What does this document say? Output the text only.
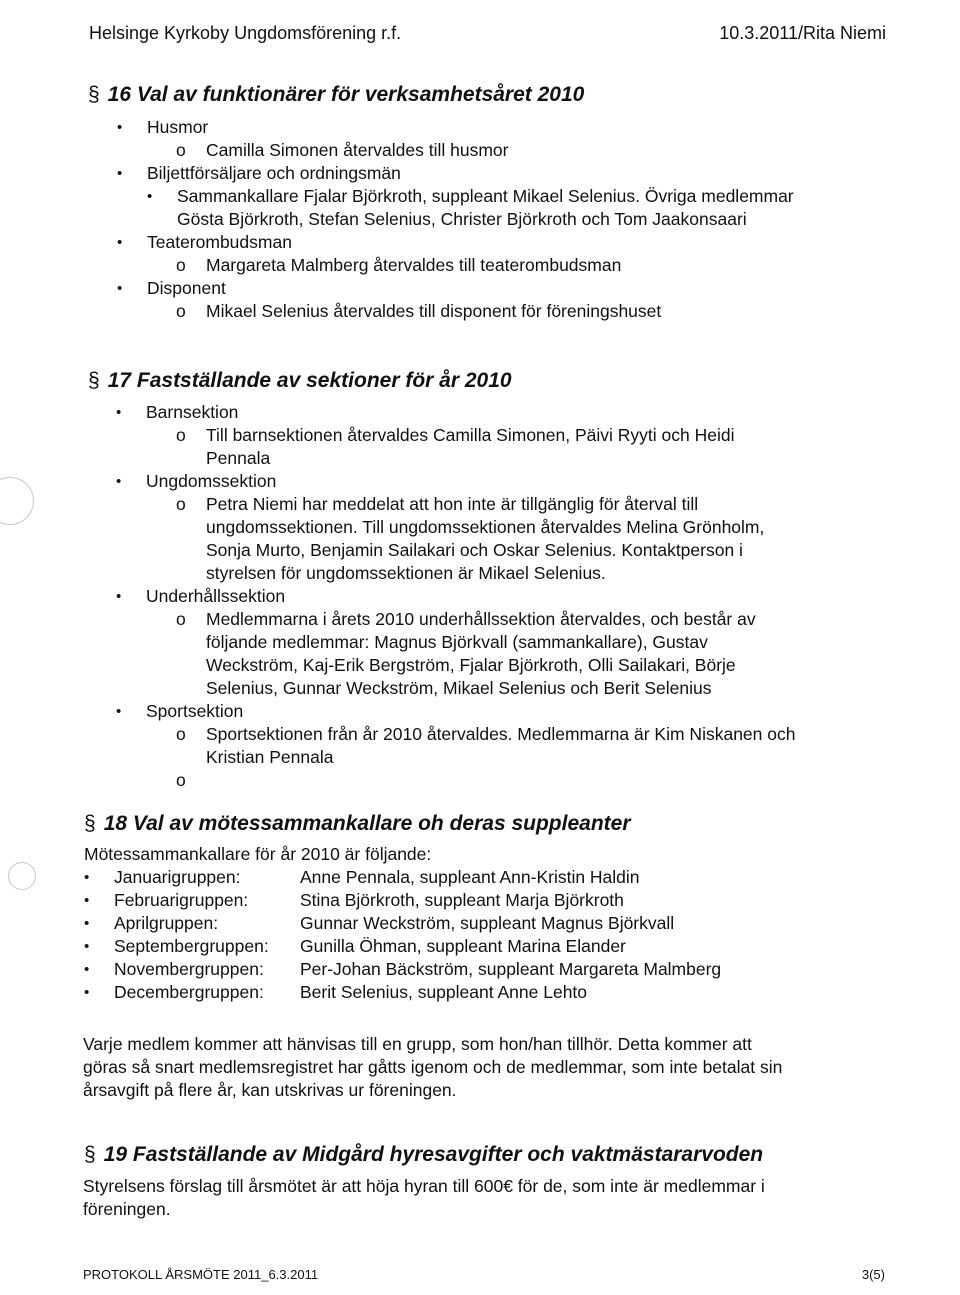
Helsinge Kyrkoby Ungdomsförening r.f.	10.3.2011/Rita Niemi
§ 16 Val av funktionärer för verksamhetsåret 2010
• Husmor
o Camilla Simonen återvaldes till husmor
• Biljettförsäljare och ordningsmän
• Sammankallare Fjalar Björkroth, suppleant Mikael Selenius. Övriga medlemmar
Gösta Björkroth, Stefan Selenius, Christer Björkroth och Tom Jaakonsaari
• Teaterombudsman
o Margareta Malmberg återvaldes till teaterombudsman
• Disponent
o Mikael Selenius återvaldes till disponent för föreningshuset
§ 17 Fastställande av sektioner för år 2010
• Barnsektion
o Till barnsektionen återvaldes Camilla Simonen, Päivi Ryyti och Heidi
Pennala
• Ungdomssektion
o Petra Niemi har meddelat att hon inte är tillgänglig för återval till
ungdomssektionen. Till ungdomssektionen återvaldes Melina Grönholm,
Sonja Murto, Benjamin Sailakari och Oskar Selenius. Kontaktperson i
styrelsen för ungdomssektionen är Mikael Selenius.
• Underhållssektion
o Medlemmarna i årets 2010 underhållssektion återvaldes, och består av
följande medlemmar: Magnus Björkvall (sammankallare), Gustav
Weckström, Kaj-Erik Bergström, Fjalar Björkroth, Olli Sailakari, Börje
Selenius, Gunnar Weckström, Mikael Selenius och Berit Selenius
• Sportsektion
o Sportsektionen från år 2010 återvaldes. Medlemmarna är Kim Niskanen och
Kristian Pennala
o
§ 18 Val av mötessammankallare oh deras suppleanter
Mötessammankallare för år 2010 är följande:
• Januarigruppen:	Anne Pennala, suppleant Ann-Kristin Haldin
• Februarigruppen:	Stina Björkroth, suppleant Marja Björkroth
• Aprilgruppen:	Gunnar Weckström, suppleant Magnus Björkvall
• Septembergruppen:	Gunilla Öhman, suppleant Marina Elander
• Novembergruppen:	Per-Johan Bäckström, suppleant Margareta Malmberg
• Decembergruppen:	Berit Selenius, suppleant Anne Lehto
Varje medlem kommer att hänvisas till en grupp, som hon/han tillhör. Detta kommer att
göras så snart medlemsregistret har gåtts igenom och de medlemmar, som inte betalat sin
årsavgift på flere år, kan utskrivas ur föreningen.
§ 19 Fastställande av Midgård hyresavgifter och vaktmästararvoden
Styrelsens förslag till årsmötet är att höja hyran till 600€ för de, som inte är medlemmar i
föreningen.
PROTOKOLL ÅRSMÖTE 2011_6.3.2011	3(5)
